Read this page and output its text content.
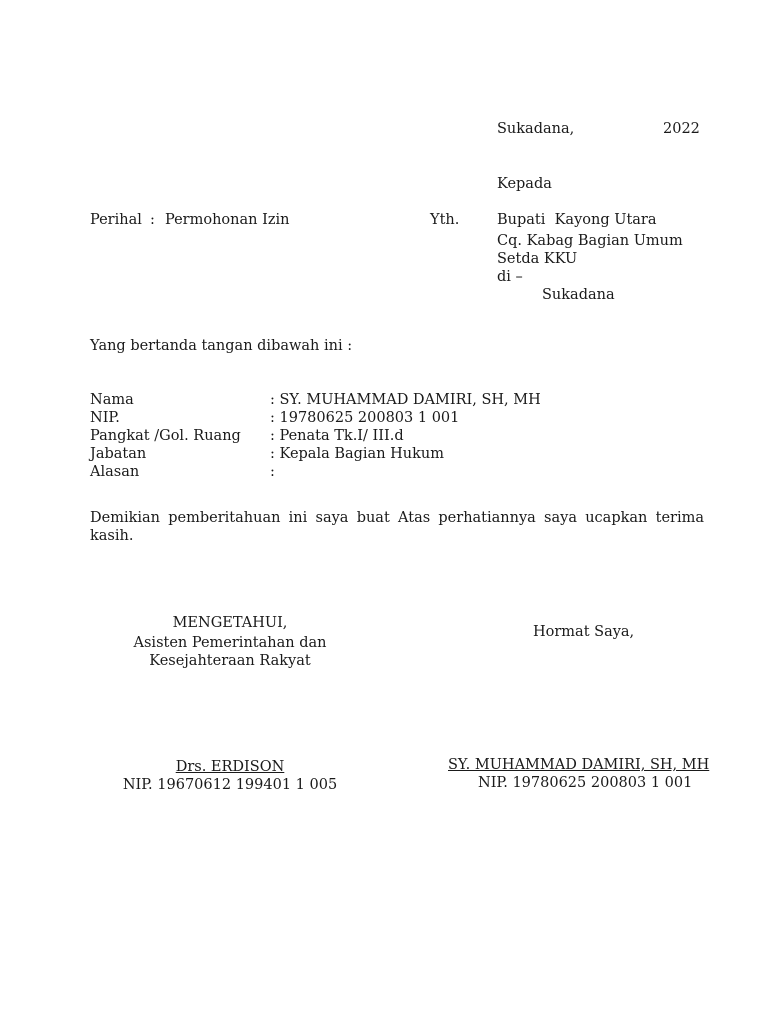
Sukadana,	2022
Kepada
Yth.	Bupati  Kayong Utara
Cq. Kabag Bagian Umum
Setda KKU
di –
Sukadana
Perihal : Permohonan Izin
Yang bertanda tangan dibawah ini :
Nama	: SY. MUHAMMAD DAMIRI, SH, MH
NIP.	: 19780625 200803 1 001
Pangkat /Gol. Ruang : Penata Tk.I/ III.d
Jabatan	: Kepala Bagian Hukum
Alasan	:
Demikian pemberitahuan ini saya buat Atas perhatiannya saya ucapkan terima kasih.
MENGETAHUI,
Asisten Pemerintahan dan
Kesejahteraan Rakyat
Drs. ERDISON
NIP. 19670612 199401 1 005
Hormat Saya,
SY. MUHAMMAD DAMIRI, SH, MH
NIP. 19780625 200803 1 001
